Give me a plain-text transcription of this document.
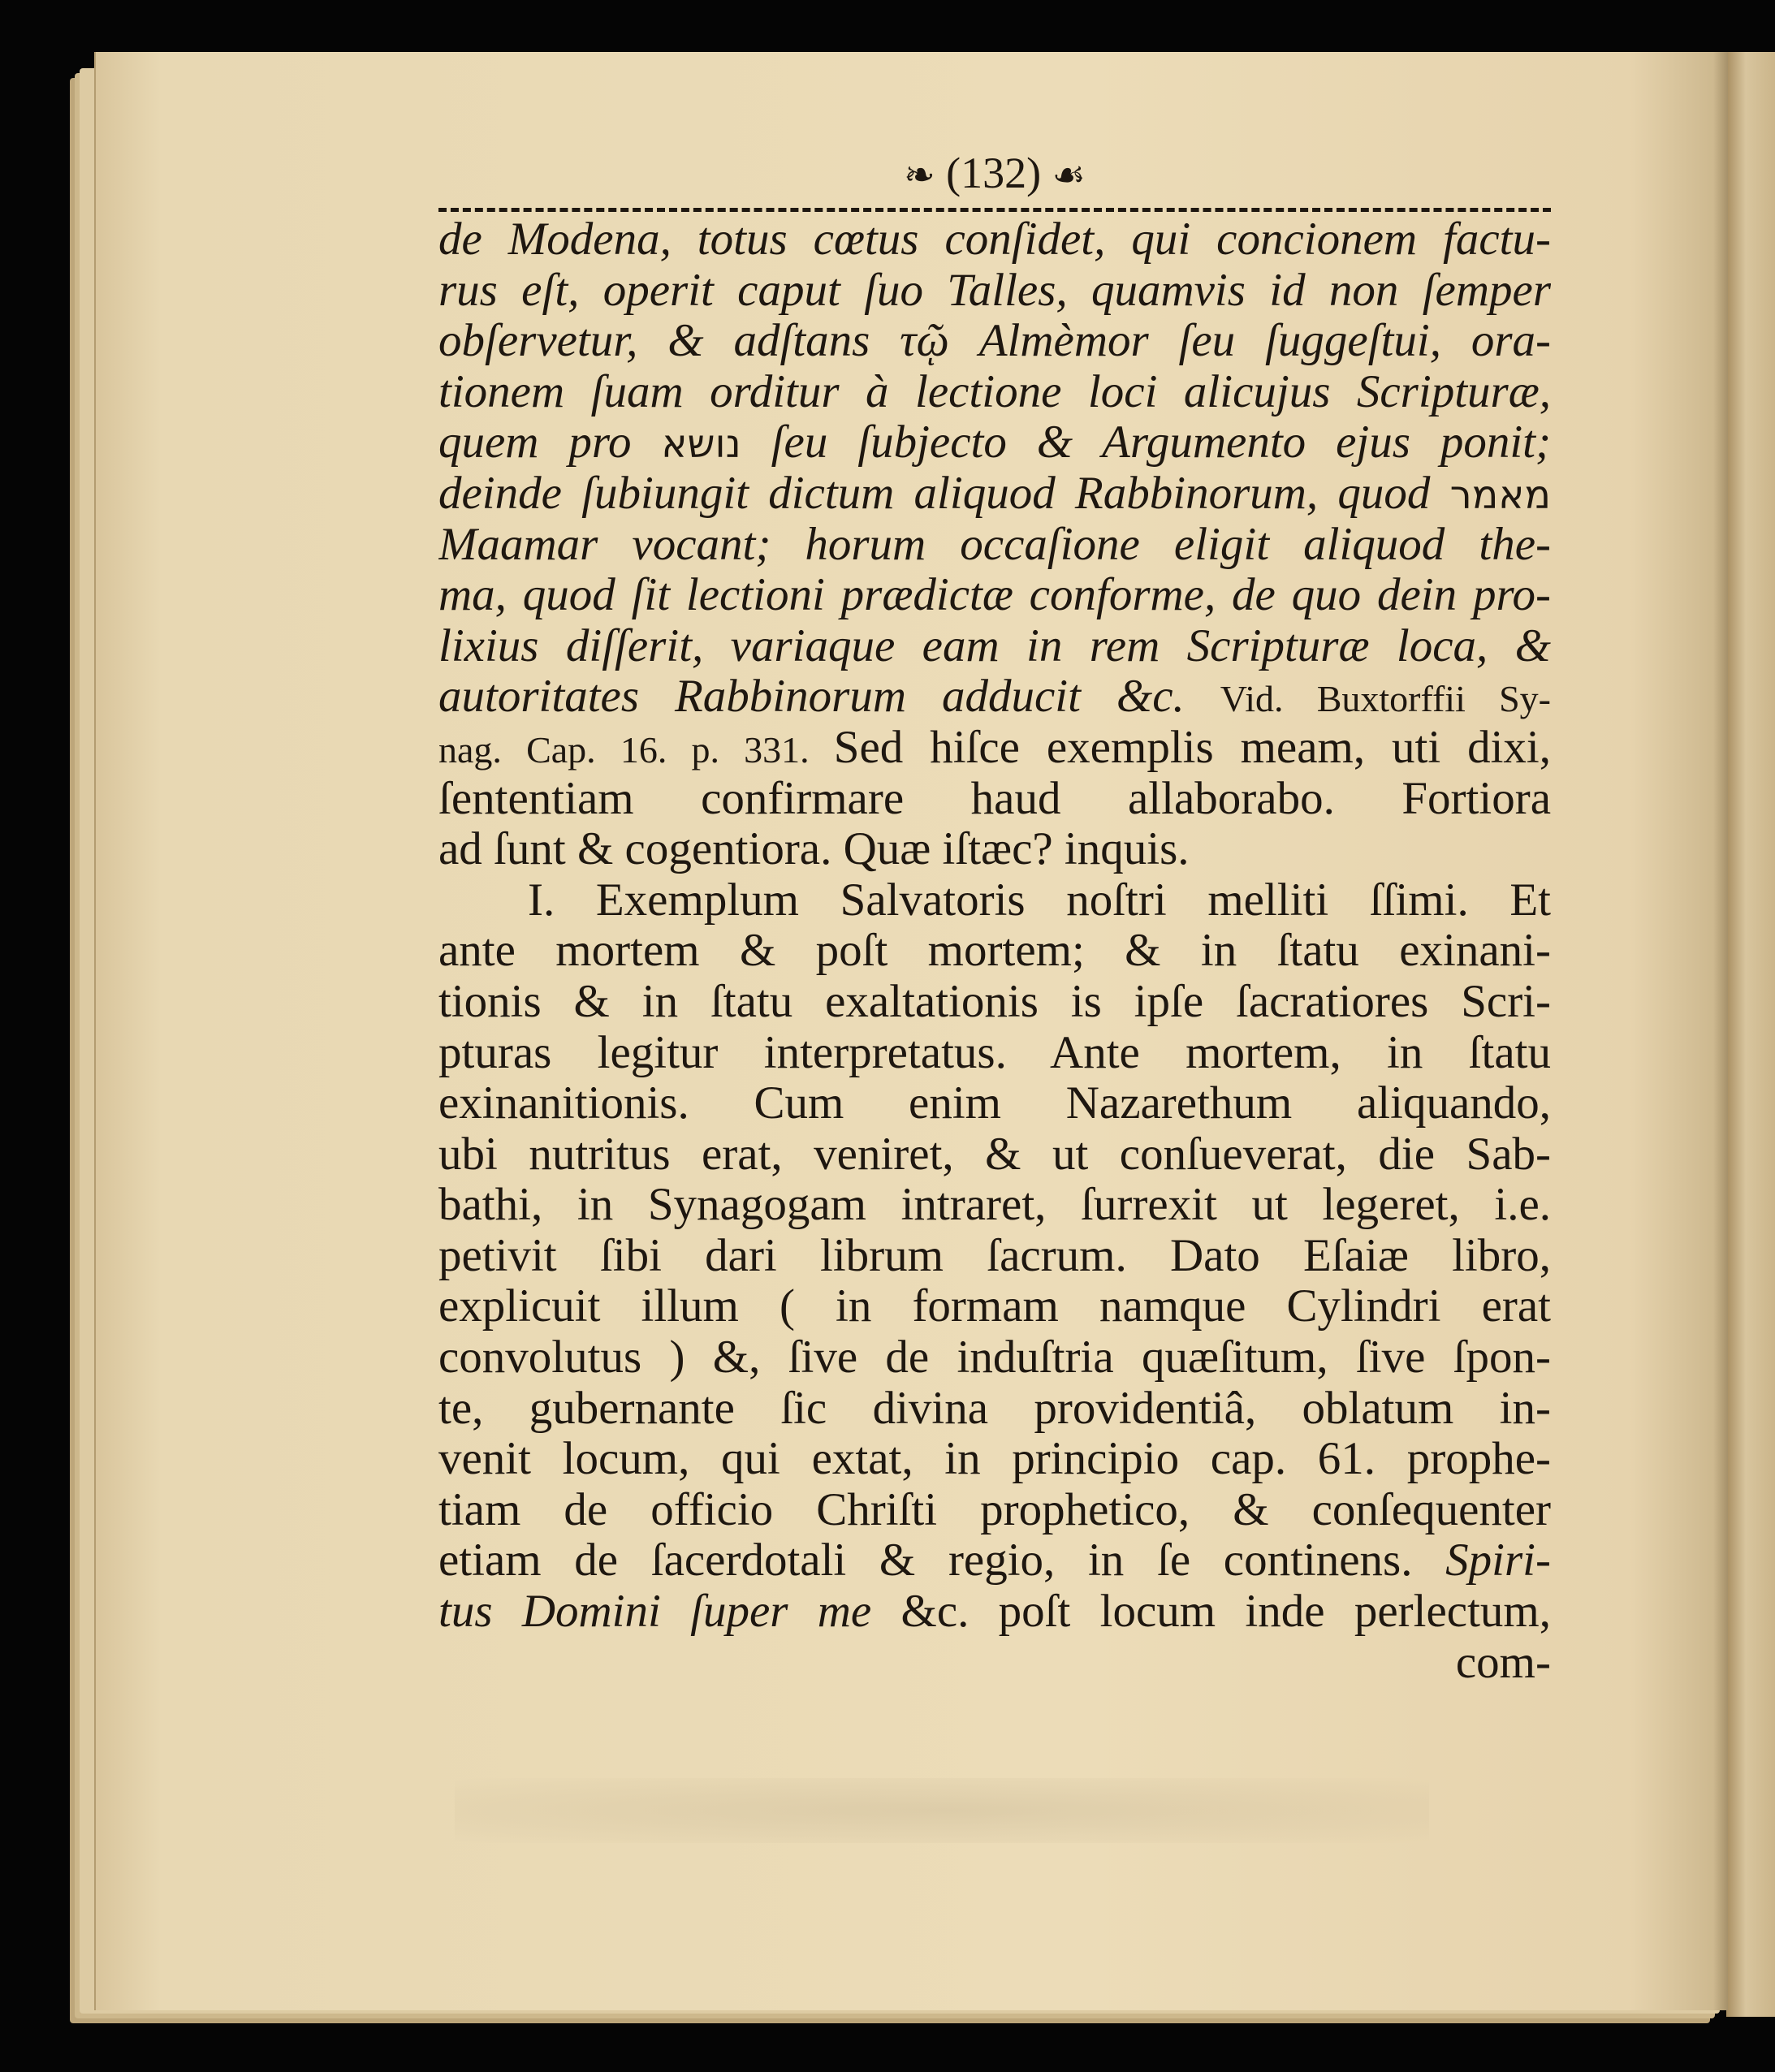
❧ (132) ☙
de Modena, totus cœtus conſidet, qui concionem factu-
rus eſt, operit caput ſuo Talles, quamvis id non ſemper
obſervetur, & adſtans τῷ Almèmor ſeu ſuggeſtui, ora-
tionem ſuam orditur à lectione loci alicujus Scripturæ,
quem pro נושא ſeu ſubjecto & Argumento ejus ponit;
deinde ſubiungit dictum aliquod Rabbinorum, quod מאמר
Maamar vocant; horum occaſione eligit aliquod the-
ma, quod ſit lectioni prædictæ conforme, de quo dein pro-
lixius diſſerit, variaque eam in rem Scripturæ loca, &
autoritates Rabbinorum adducit &c. Vid. Buxtorffii Sy-
nag. Cap. 16. p. 331. Sed hiſce exemplis meam, uti dixi,
ſententiam confirmare haud allaborabo. Fortiora
ad ſunt & cogentiora. Quæ iſtæc? inquis.
I. Exemplum Salvatoris noſtri melliti ſſimi. Et
ante mortem & poſt mortem; & in ſtatu exinani-
tionis & in ſtatu exaltationis is ipſe ſacratiores Scri-
pturas legitur interpretatus. Ante mortem, in ſtatu
exinanitionis. Cum enim Nazarethum aliquando,
ubi nutritus erat, veniret, & ut conſueverat, die Sab-
bathi, in Synagogam intraret, ſurrexit ut legeret, i.e.
petivit ſibi dari librum ſacrum. Dato Eſaiæ libro,
explicuit illum ( in formam namque Cylindri erat
convolutus ) &, ſive de induſtria quæſitum, ſive ſpon-
te, gubernante ſic divina providentiâ, oblatum in-
venit locum, qui extat, in principio cap. 61. prophe-
tiam de officio Chriſti prophetico, & conſequenter
etiam de ſacerdotali & regio, in ſe continens. Spiri-
tus Domini ſuper me &c. poſt locum inde perlectum,
com-
